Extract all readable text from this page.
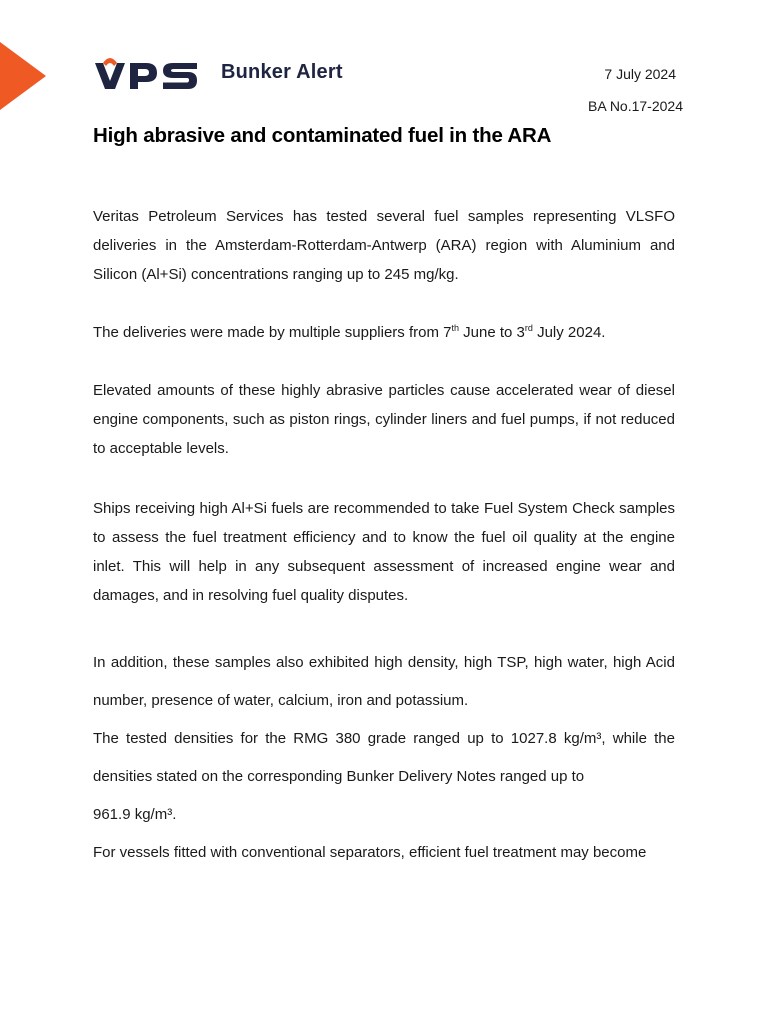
Bunker Alert	7 July 2024
BA No.17-2024
High abrasive and contaminated fuel in the ARA

Veritas Petroleum Services has tested several fuel samples representing VLSFO deliveries in the Amsterdam-Rotterdam-Antwerp (ARA) region with Aluminium and Silicon (Al+Si) concentrations ranging up to 245 mg/kg.

The deliveries were made by multiple suppliers from 7th June to 3rd July 2024.

Elevated amounts of these highly abrasive particles cause accelerated wear of diesel engine components, such as piston rings, cylinder liners and fuel pumps, if not reduced to acceptable levels.

Ships receiving high Al+Si fuels are recommended to take Fuel System Check samples to assess the fuel treatment efficiency and to know the fuel oil quality at the engine inlet. This will help in any subsequent assessment of increased engine wear and damages, and in resolving fuel quality disputes.

In addition, these samples also exhibited high density, high TSP, high water, high Acid number, presence of water, calcium, iron and potassium.

The tested densities for the RMG 380 grade ranged up to 1027.8 kg/m³, while the densities stated on the corresponding Bunker Delivery Notes ranged up to

961.9 kg/m³.

For vessels fitted with conventional separators, efficient fuel treatment may become
